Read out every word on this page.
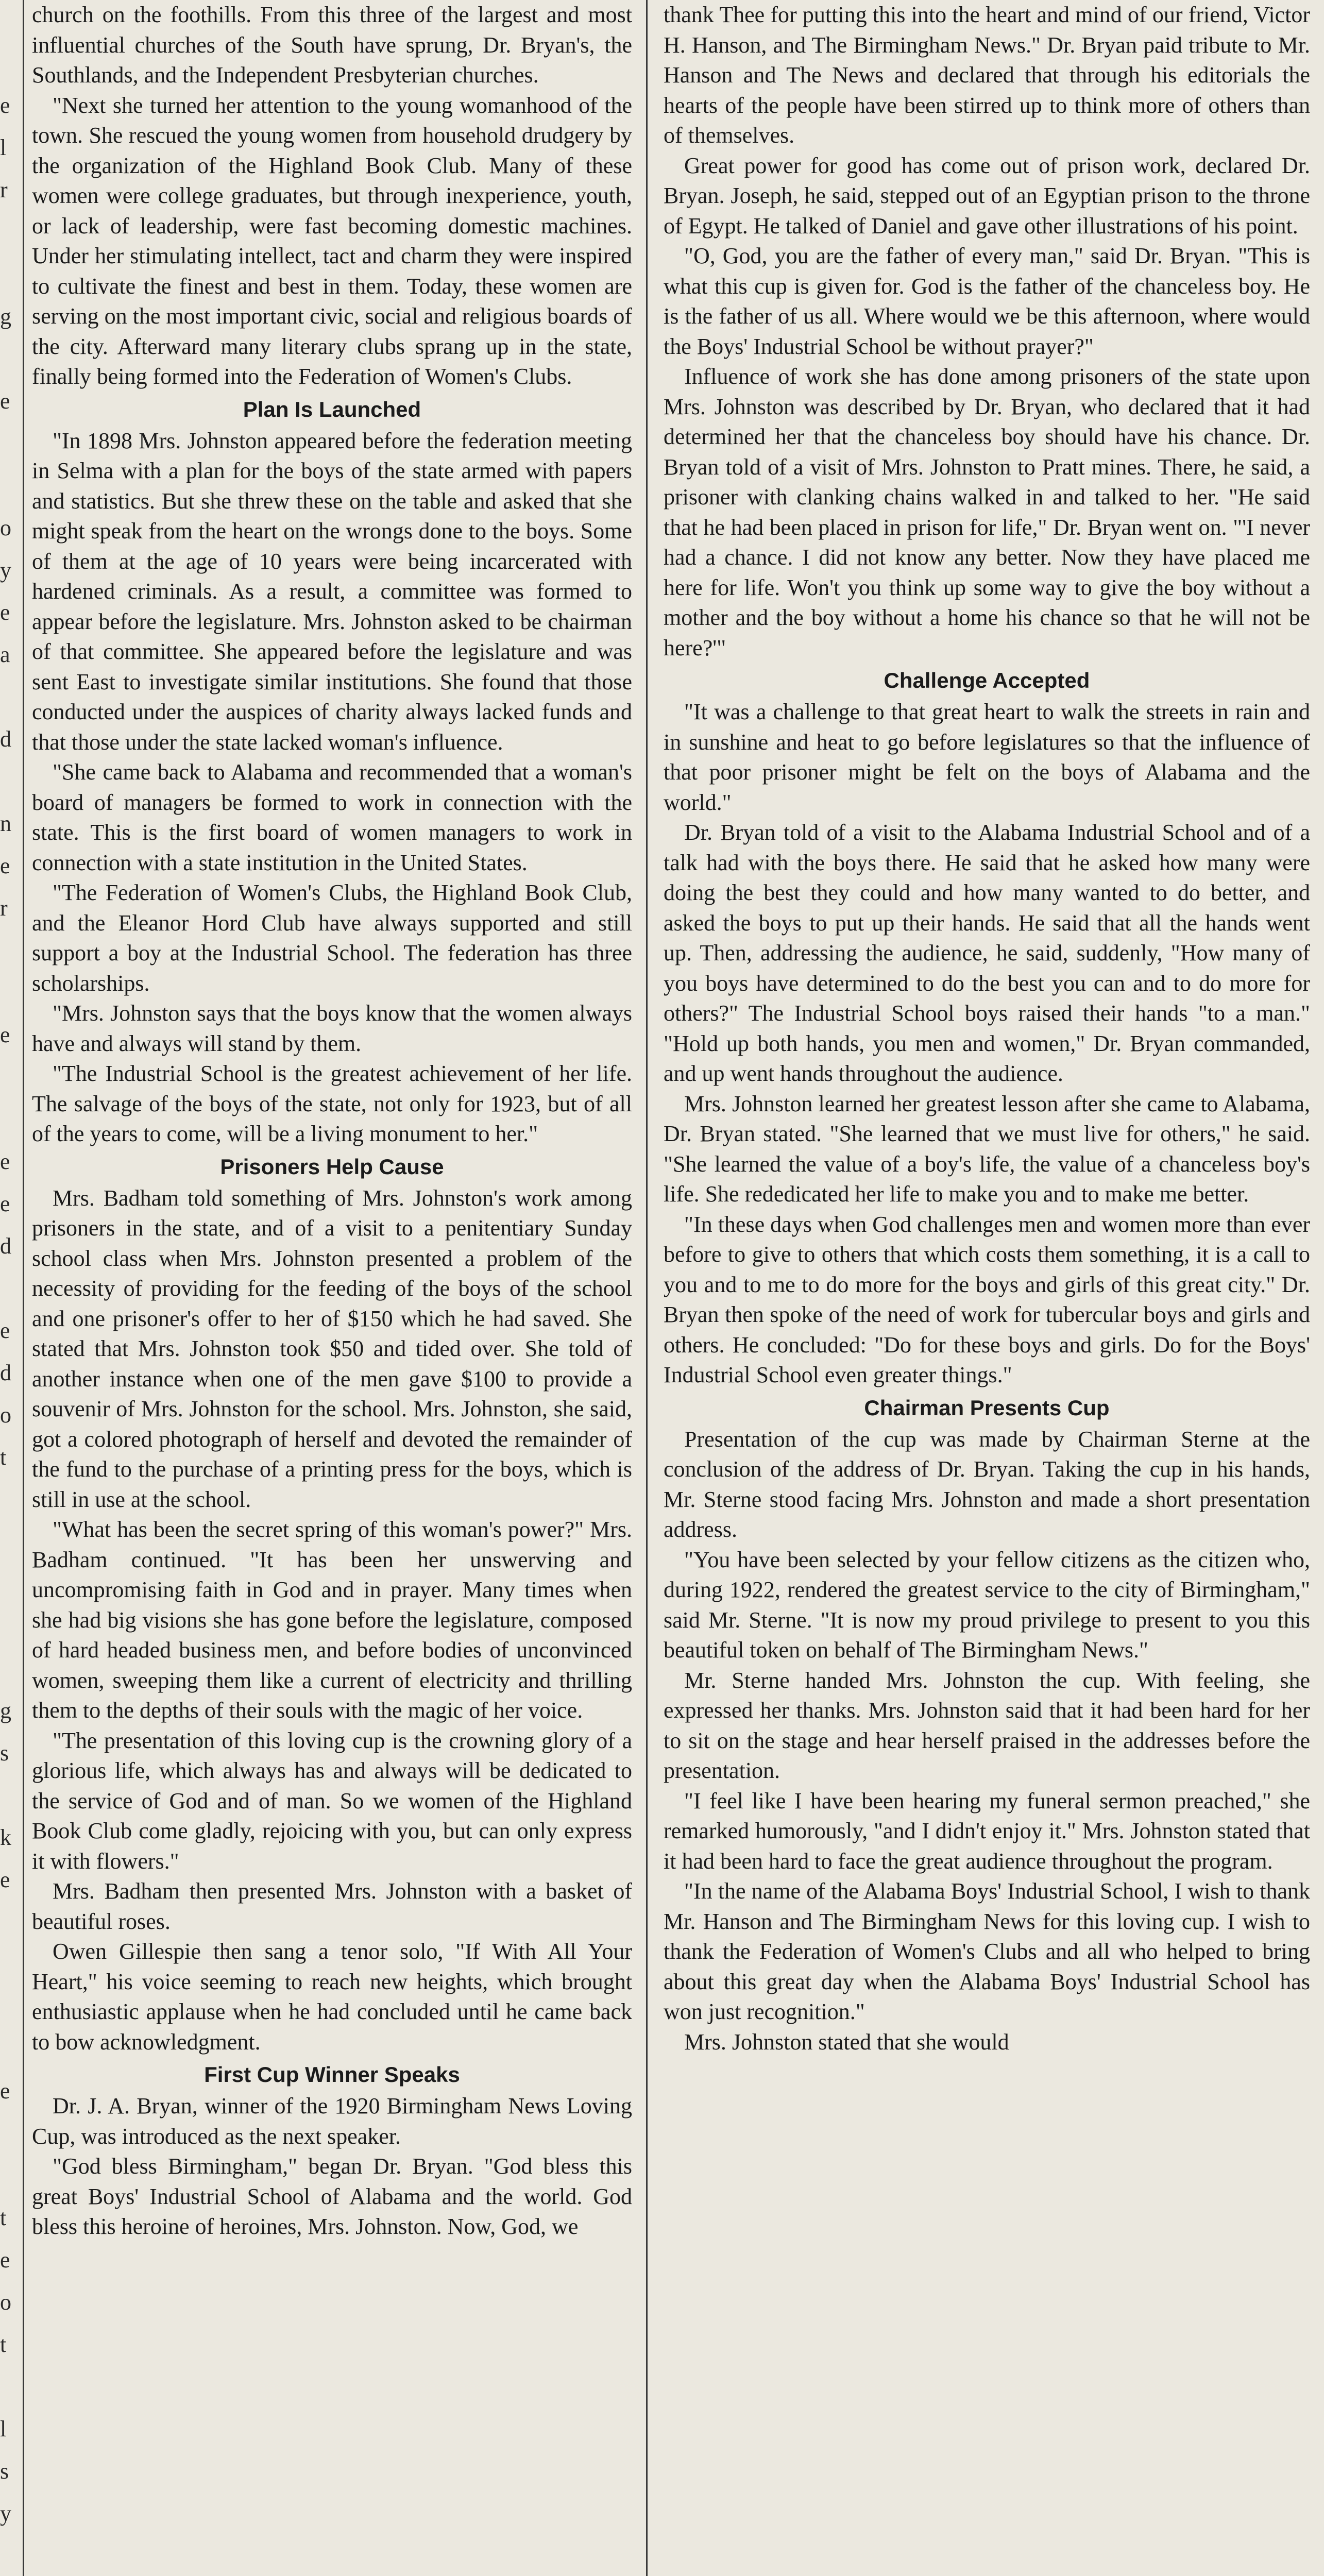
e
l
r
g
e
o
y
e
a
d
n
e
r
e
e
e
d
e
d
o
t
g
s
k
e
e
t
e
o
t
l
s
y

church on the foothills. From this three of the largest and most influential churches of the South have sprung, Dr. Bryan's, the Southlands, and the Independent Presbyterian churches.

"Next she turned her attention to the young womanhood of the town. She rescued the young women from household drudgery by the organization of the Highland Book Club. Many of these women were college graduates, but through inexperience, youth, or lack of leadership, were fast becoming domestic machines. Under her stimulating intellect, tact and charm they were inspired to cultivate the finest and best in them. Today, these women are serving on the most important civic, social and religious boards of the city. Afterward many literary clubs sprang up in the state, finally being formed into the Federation of Women's Clubs.

Plan Is Launched

"In 1898 Mrs. Johnston appeared before the federation meeting in Selma with a plan for the boys of the state armed with papers and statistics. But she threw these on the table and asked that she might speak from the heart on the wrongs done to the boys. Some of them at the age of 10 years were being incarcerated with hardened criminals. As a result, a committee was formed to appear before the legislature. Mrs. Johnston asked to be chairman of that committee. She appeared before the legislature and was sent East to investigate similar institutions. She found that those conducted under the auspices of charity always lacked funds and that those under the state lacked woman's influence.

"She came back to Alabama and recommended that a woman's board of managers be formed to work in connection with the state. This is the first board of women managers to work in connection with a state institution in the United States.

"The Federation of Women's Clubs, the Highland Book Club, and the Eleanor Hord Club have always supported and still support a boy at the Industrial School. The federation has three scholarships.

"Mrs. Johnston says that the boys know that the women always have and always will stand by them.

"The Industrial School is the greatest achievement of her life. The salvage of the boys of the state, not only for 1923, but of all of the years to come, will be a living monument to her."

Prisoners Help Cause

Mrs. Badham told something of Mrs. Johnston's work among prisoners in the state, and of a visit to a penitentiary Sunday school class when Mrs. Johnston presented a problem of the necessity of providing for the feeding of the boys of the school and one prisoner's offer to her of $150 which he had saved. She stated that Mrs. Johnston took $50 and tided over. She told of another instance when one of the men gave $100 to provide a souvenir of Mrs. Johnston for the school. Mrs. Johnston, she said, got a colored photograph of herself and devoted the remainder of the fund to the purchase of a printing press for the boys, which is still in use at the school.

"What has been the secret spring of this woman's power?" Mrs. Badham continued. "It has been her unswerving and uncompromising faith in God and in prayer. Many times when she had big visions she has gone before the legislature, composed of hard headed business men, and before bodies of unconvinced women, sweeping them like a current of electricity and thrilling them to the depths of their souls with the magic of her voice.

"The presentation of this loving cup is the crowning glory of a glorious life, which always has and always will be dedicated to the service of God and of man. So we women of the Highland Book Club come gladly, rejoicing with you, but can only express it with flowers."

Mrs. Badham then presented Mrs. Johnston with a basket of beautiful roses.

Owen Gillespie then sang a tenor solo, "If With All Your Heart," his voice seeming to reach new heights, which brought enthusiastic applause when he had concluded until he came back to bow acknowledgment.

First Cup Winner Speaks

Dr. J. A. Bryan, winner of the 1920 Birmingham News Loving Cup, was introduced as the next speaker.

"God bless Birmingham," began Dr. Bryan. "God bless this great Boys' Industrial School of Alabama and the world. God bless this heroine of heroines, Mrs. Johnston. Now, God, we

thank Thee for putting this into the heart and mind of our friend, Victor H. Hanson, and The Birmingham News." Dr. Bryan paid tribute to Mr. Hanson and The News and declared that through his editorials the hearts of the people have been stirred up to think more of others than of themselves.

Great power for good has come out of prison work, declared Dr. Bryan. Joseph, he said, stepped out of an Egyptian prison to the throne of Egypt. He talked of Daniel and gave other illustrations of his point.

"O, God, you are the father of every man," said Dr. Bryan. "This is what this cup is given for. God is the father of the chanceless boy. He is the father of us all. Where would we be this afternoon, where would the Boys' Industrial School be without prayer?"

Influence of work she has done among prisoners of the state upon Mrs. Johnston was described by Dr. Bryan, who declared that it had determined her that the chanceless boy should have his chance. Dr. Bryan told of a visit of Mrs. Johnston to Pratt mines. There, he said, a prisoner with clanking chains walked in and talked to her. "He said that he had been placed in prison for life," Dr. Bryan went on. "'I never had a chance. I did not know any better. Now they have placed me here for life. Won't you think up some way to give the boy without a mother and the boy without a home his chance so that he will not be here?'"

Challenge Accepted

"It was a challenge to that great heart to walk the streets in rain and in sunshine and heat to go before legislatures so that the influence of that poor prisoner might be felt on the boys of Alabama and the world."

Dr. Bryan told of a visit to the Alabama Industrial School and of a talk had with the boys there. He said that he asked how many were doing the best they could and how many wanted to do better, and asked the boys to put up their hands. He said that all the hands went up. Then, addressing the audience, he said, suddenly, "How many of you boys have determined to do the best you can and to do more for others?" The Industrial School boys raised their hands "to a man." "Hold up both hands, you men and women," Dr. Bryan commanded, and up went hands throughout the audience.

Mrs. Johnston learned her greatest lesson after she came to Alabama, Dr. Bryan stated. "She learned that we must live for others," he said. "She learned the value of a boy's life, the value of a chanceless boy's life. She rededicated her life to make you and to make me better.

"In these days when God challenges men and women more than ever before to give to others that which costs them something, it is a call to you and to me to do more for the boys and girls of this great city." Dr. Bryan then spoke of the need of work for tubercular boys and girls and others. He concluded: "Do for these boys and girls. Do for the Boys' Industrial School even greater things."

Chairman Presents Cup

Presentation of the cup was made by Chairman Sterne at the conclusion of the address of Dr. Bryan. Taking the cup in his hands, Mr. Sterne stood facing Mrs. Johnston and made a short presentation address.

"You have been selected by your fellow citizens as the citizen who, during 1922, rendered the greatest service to the city of Birmingham," said Mr. Sterne. "It is now my proud privilege to present to you this beautiful token on behalf of The Birmingham News."

Mr. Sterne handed Mrs. Johnston the cup. With feeling, she expressed her thanks. Mrs. Johnston said that it had been hard for her to sit on the stage and hear herself praised in the addresses before the presentation.

"I feel like I have been hearing my funeral sermon preached," she remarked humorously, "and I didn't enjoy it." Mrs. Johnston stated that it had been hard to face the great audience throughout the program.

"In the name of the Alabama Boys' Industrial School, I wish to thank Mr. Hanson and The Birmingham News for this loving cup. I wish to thank the Federation of Women's Clubs and all who helped to bring about this great day when the Alabama Boys' Industrial School has won just recognition."

Mrs. Johnston stated that she would
